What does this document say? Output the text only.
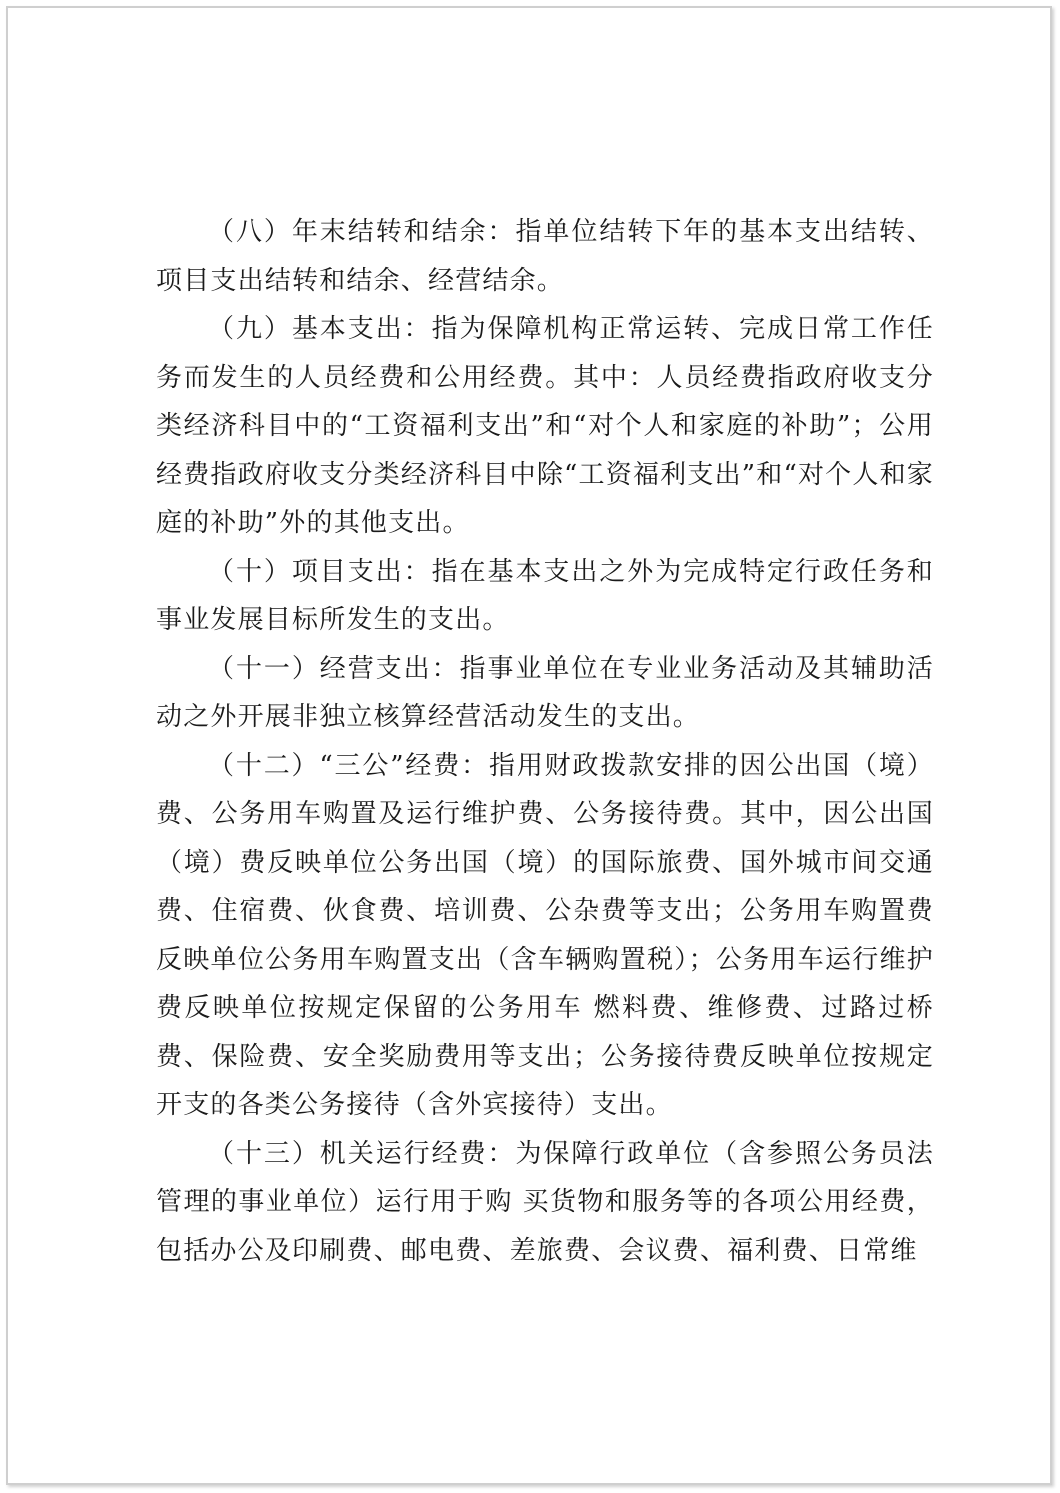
（八）年末结转和结余：指单位结转下年的基本支出结转、项目支出结转和结余、经营结余。

（九）基本支出：指为保障机构正常运转、完成日常工作任务而发生的人员经费和公用经费。其中：人员经费指政府收支分类经济科目中的“工资福利支出”和“对个人和家庭的补助”；公用经费指政府收支分类经济科目中除“工资福利支出”和“对个人和家庭的补助”外的其他支出。

（十）项目支出：指在基本支出之外为完成特定行政任务和事业发展目标所发生的支出。

（十一）经营支出：指事业单位在专业业务活动及其辅助活动之外开展非独立核算经营活动发生的支出。

（十二）“三公”经费：指用财政拨款安排的因公出国（境）费、公务用车购置及运行维护费、公务接待费。其中，因公出国（境）费反映单位公务出国（境）的国际旅费、国外城市间交通费、住宿费、伙食费、培训费、公杂费等支出；公务用车购置费反映单位公务用车购置支出（含车辆购置税）；公务用车运行维护费反映单位按规定保留的公务用车 燃料费、维修费、过路过桥费、保险费、安全奖励费用等支出；公务接待费反映单位按规定开支的各类公务接待（含外宾接待）支出。

（十三）机关运行经费：为保障行政单位（含参照公务员法管理的事业单位）运行用于购 买货物和服务等的各项公用经费，包括办公及印刷费、邮电费、差旅费、会议费、福利费、日常维
